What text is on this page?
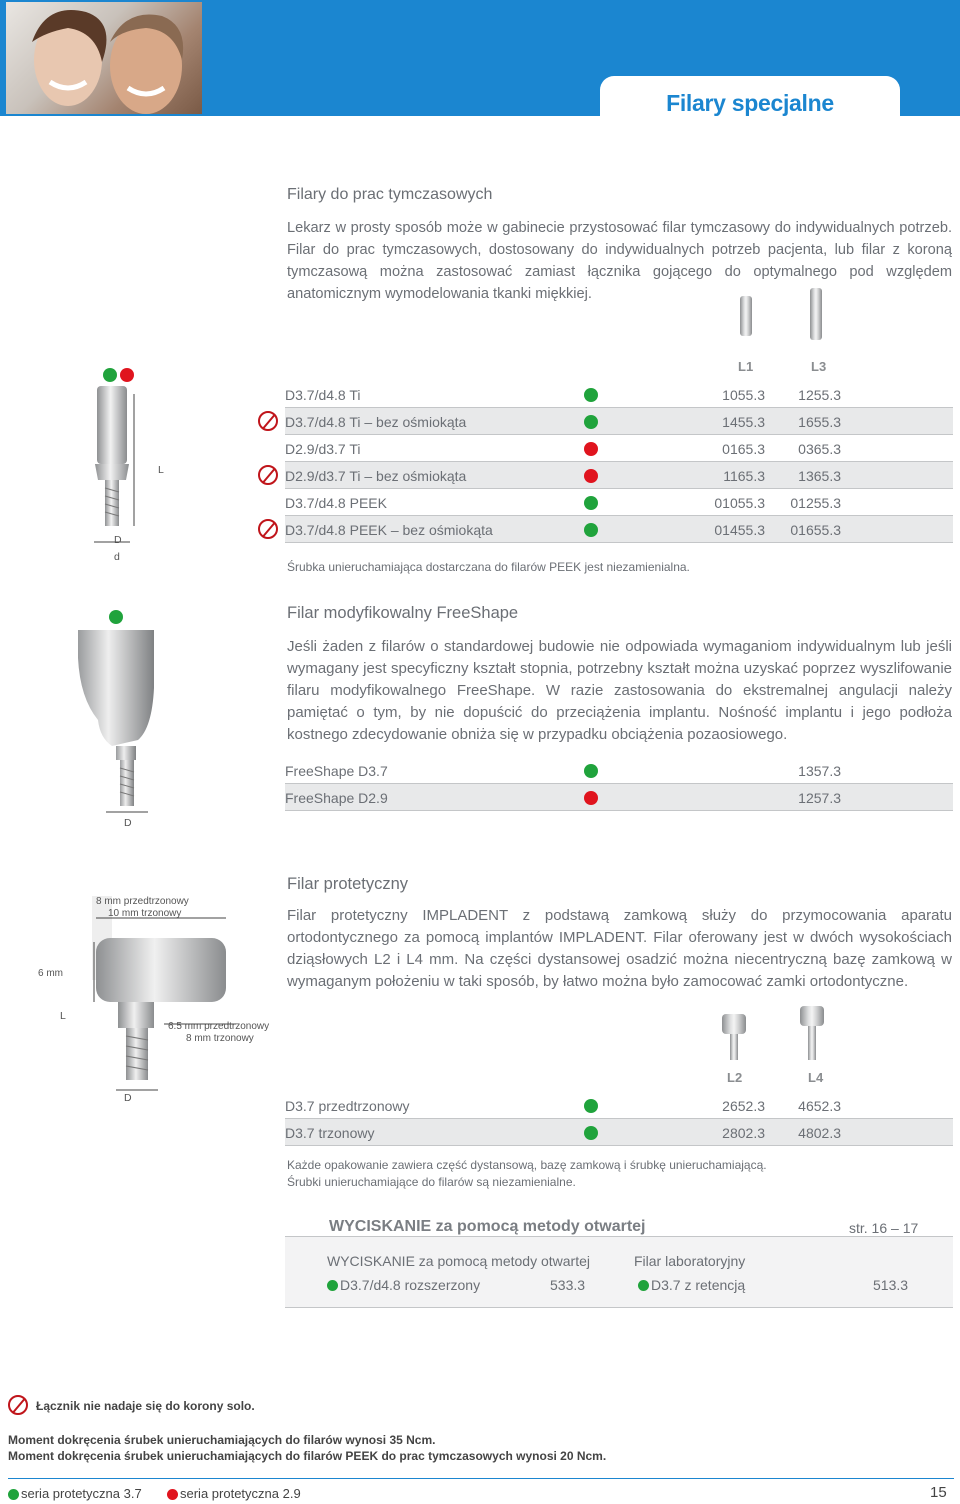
Filary specjalne
Filary do prac tymczasowych
Lekarz w prosty sposób może w gabinecie przystosować filar tymczasowy do indywidualnych potrzeb. Filar do prac tymczasowych, dostosowany do indywidualnych potrzeb pacjenta, lub filar z koroną tymczasową można zastosować zamiast łącznika gojącego do optymalnego pod względem anatomicznym wymodelowania tkanki miękkiej.
L1	L3
L
D
d
D3.7/d4.8 Ti	1055.3 1255.3
D3.7/d4.8 Ti – bez ośmiokąta	1455.3 1655.3
D2.9/d3.7 Ti	0165.3 0365.3
D2.9/d3.7 Ti – bez ośmiokąta	1165.3 1365.3
D3.7/d4.8 PEEK	01055.3 01255.3
D3.7/d4.8 PEEK – bez ośmiokąta	01455.3 01655.3
Śrubka unieruchamiająca dostarczana do filarów PEEK jest niezamienialna.
D
Filar modyfikowalny FreeShape
Jeśli żaden z filarów o standardowej budowie nie odpowiada wymaganiom indywidualnym lub jeśli wymagany jest specyficzny kształt stopnia, potrzebny kształt można uzyskać poprzez wyszlifowanie filaru modyfikowalnego FreeShape. W razie zastosowania do ekstremalnej angulacji należy pamiętać o tym, by nie dopuścić do przeciążenia implantu. Nośność implantu i jego podłoża kostnego zdecydowanie obniża się w przypadku obciążenia pozaosiowego.
FreeShape D3.7	1357.3
FreeShape D2.9	1257.3
8 mm przedtrzonowy
10 mm trzonowy
6 mm
L
6.5 mm przedtrzonowy
8 mm trzonowy
D
Filar protetyczny
Filar protetyczny IMPLADENT z podstawą zamkową służy do przymocowania aparatu ortodontycznego za pomocą implantów IMPLADENT. Filar oferowany jest w dwóch wysokościach dziąsłowych L2 i L4 mm. Na części dystansowej osadzić można niecentryczną bazę zamkową w wymaganym położeniu w taki sposób, by łatwo można było zamocować zamki ortodontyczne.
L2	L4
D3.7 przedtrzonowy	2652.3 4652.3
D3.7 trzonowy	2802.3 4802.3
Każde opakowanie zawiera część dystansową, bazę zamkową i śrubkę unieruchamiającą.
Śrubki unieruchamiające do filarów są niezamienialne.
WYCISKANIE za pomocą metody otwartej	str. 16 – 17
WYCISKANIE za pomocą metody otwartej
D3.7/d4.8 rozszerzony	533.3
Filar laboratoryjny
D3.7 z retencją	513.3
Łącznik nie nadaje się do korony solo.
Moment dokręcenia śrubek unieruchamiających do filarów wynosi 35 Ncm.
Moment dokręcenia śrubek unieruchamiających do filarów PEEK do prac tymczasowych wynosi 20 Ncm.
seria protetyczna 3.7	seria protetyczna 2.9	15
